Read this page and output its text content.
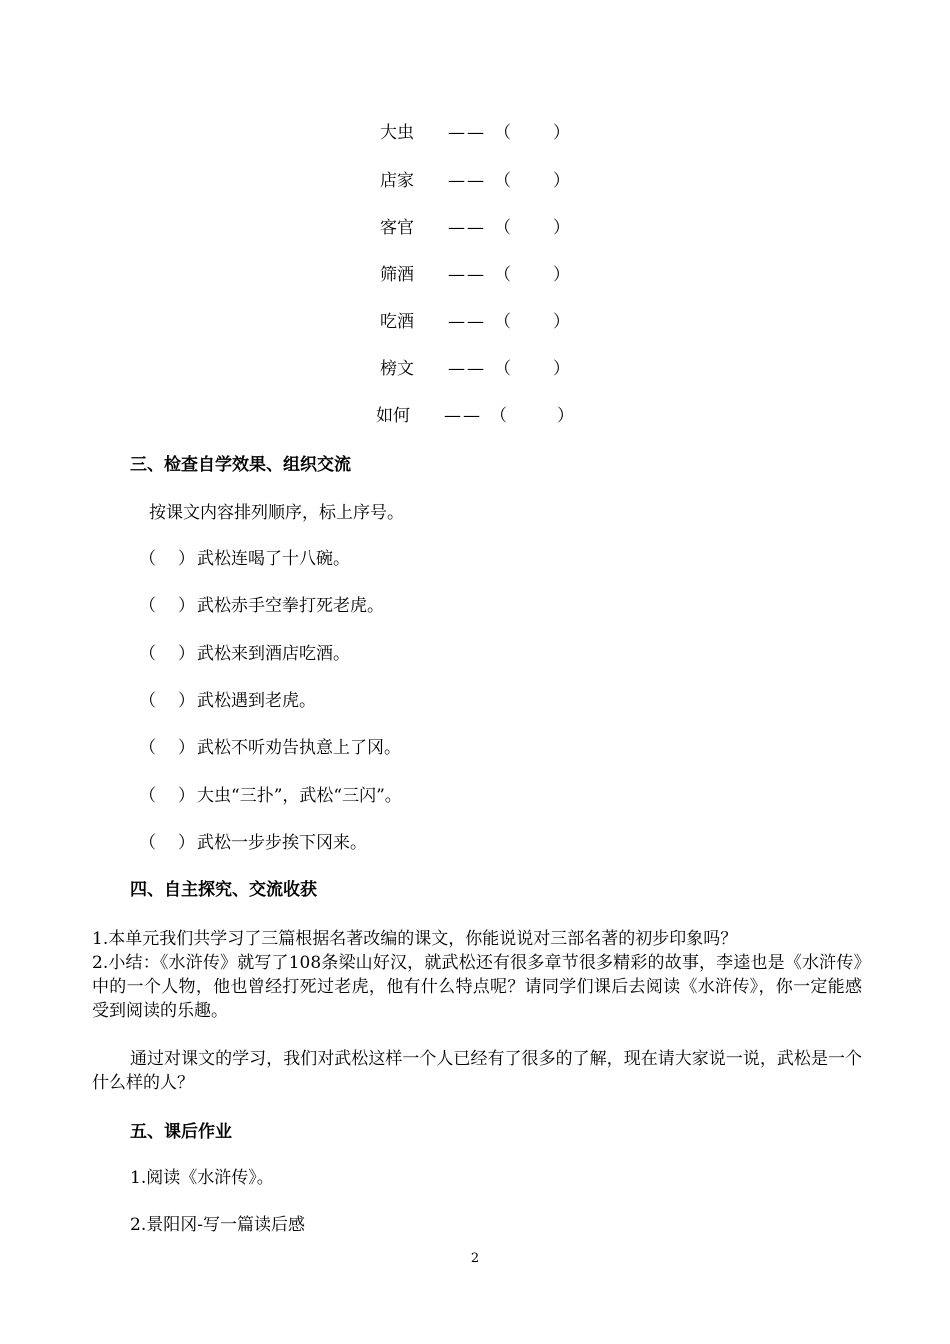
大虫 —— （ ）
店家 —— （ ）
客官 —— （ ）
筛酒 —— （ ）
吃酒 —— （ ）
榜文 —— （ ）
如何 —— （	）
三、检查自学效果、组织交流
按课文内容排列顺序，标上序号。
（ ） 武松连喝了十八碗。
（ ） 武松赤手空拳打死老虎。
（ ） 武松来到酒店吃酒。
（ ） 武松遇到老虎。
（ ） 武松不听劝告执意上了冈。
（ ） 大虫“三扑”，武松“三闪”。
（ ） 武松一步步挨下冈来。
四、自主探究、交流收获
1.本单元我们共学习了三篇根据名著改编的课文，你能说说对三部名著的初步印象吗？
2.小结：《水浒传》就写了108条梁山好汉，就武松还有很多章节很多精彩的故事，李逵也是《水浒传》中的一个人物，他也曾经打死过老虎，他有什么特点呢？请同学们课后去阅读《水浒传》，你一定能感受到阅读的乐趣。
通过对课文的学习，我们对武松这样一个人已经有了很多的了解，现在请大家说一说，武松是一个什么样的人？
五、课后作业
1.阅读《水浒传》。
2.景阳冈-写一篇读后感
2
